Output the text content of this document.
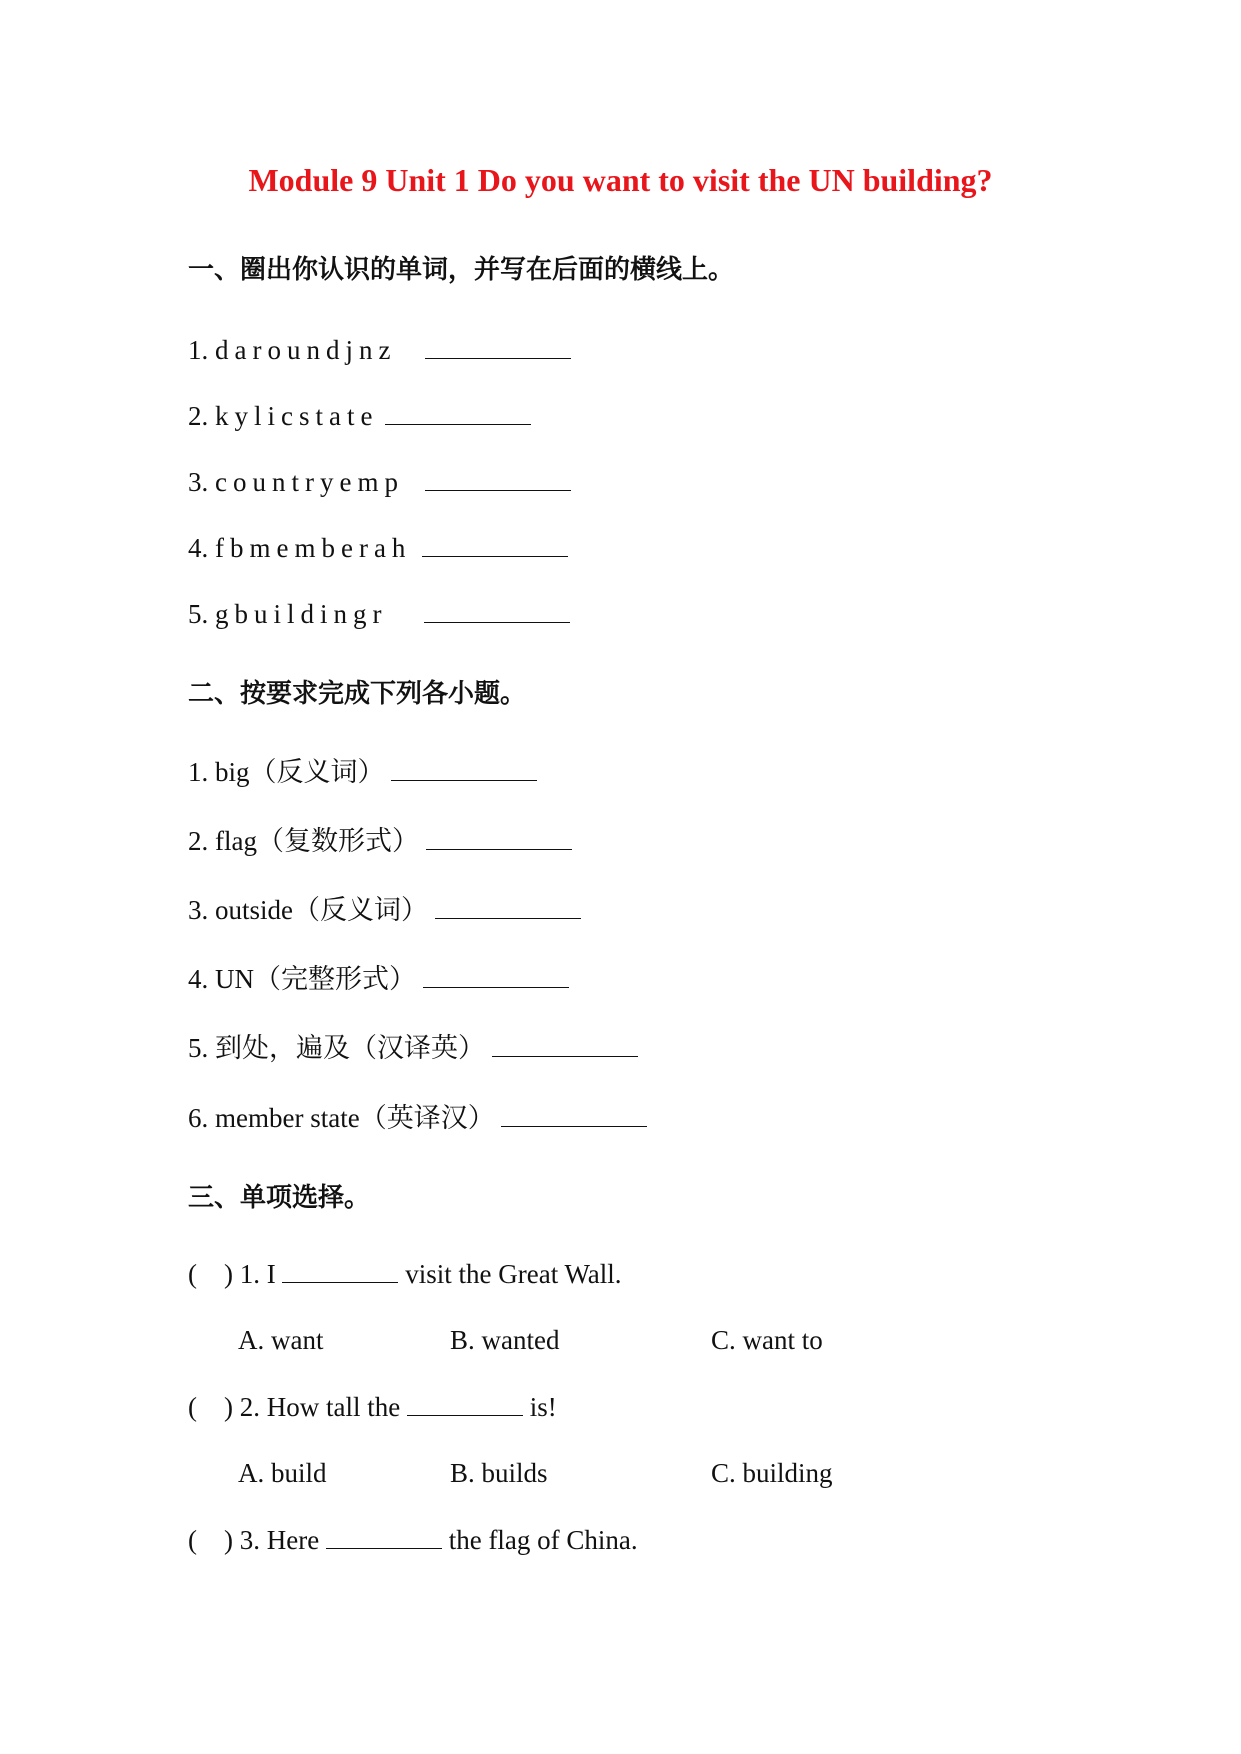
Module 9 Unit 1 Do you want to visit the UN building?
一、圈出你认识的单词，并写在后面的横线上。
1. daroundjnz
2. kylicstate
3. countryemp
4. fbmemberah
5. gbuildingr
二、按要求完成下列各小题。
1. big（反义词）
2. flag（复数形式）
3. outside（反义词）
4. UN（完整形式）
5. 到处，遍及（汉译英）
6. member state（英译汉）
三、单项选择。
(    ) 1. I	visit the Great Wall.
A. want	B. wanted	C. want to
(    ) 2. How tall the	is!
A. build	B. builds	C. building
(    ) 3. Here	the flag of China.
